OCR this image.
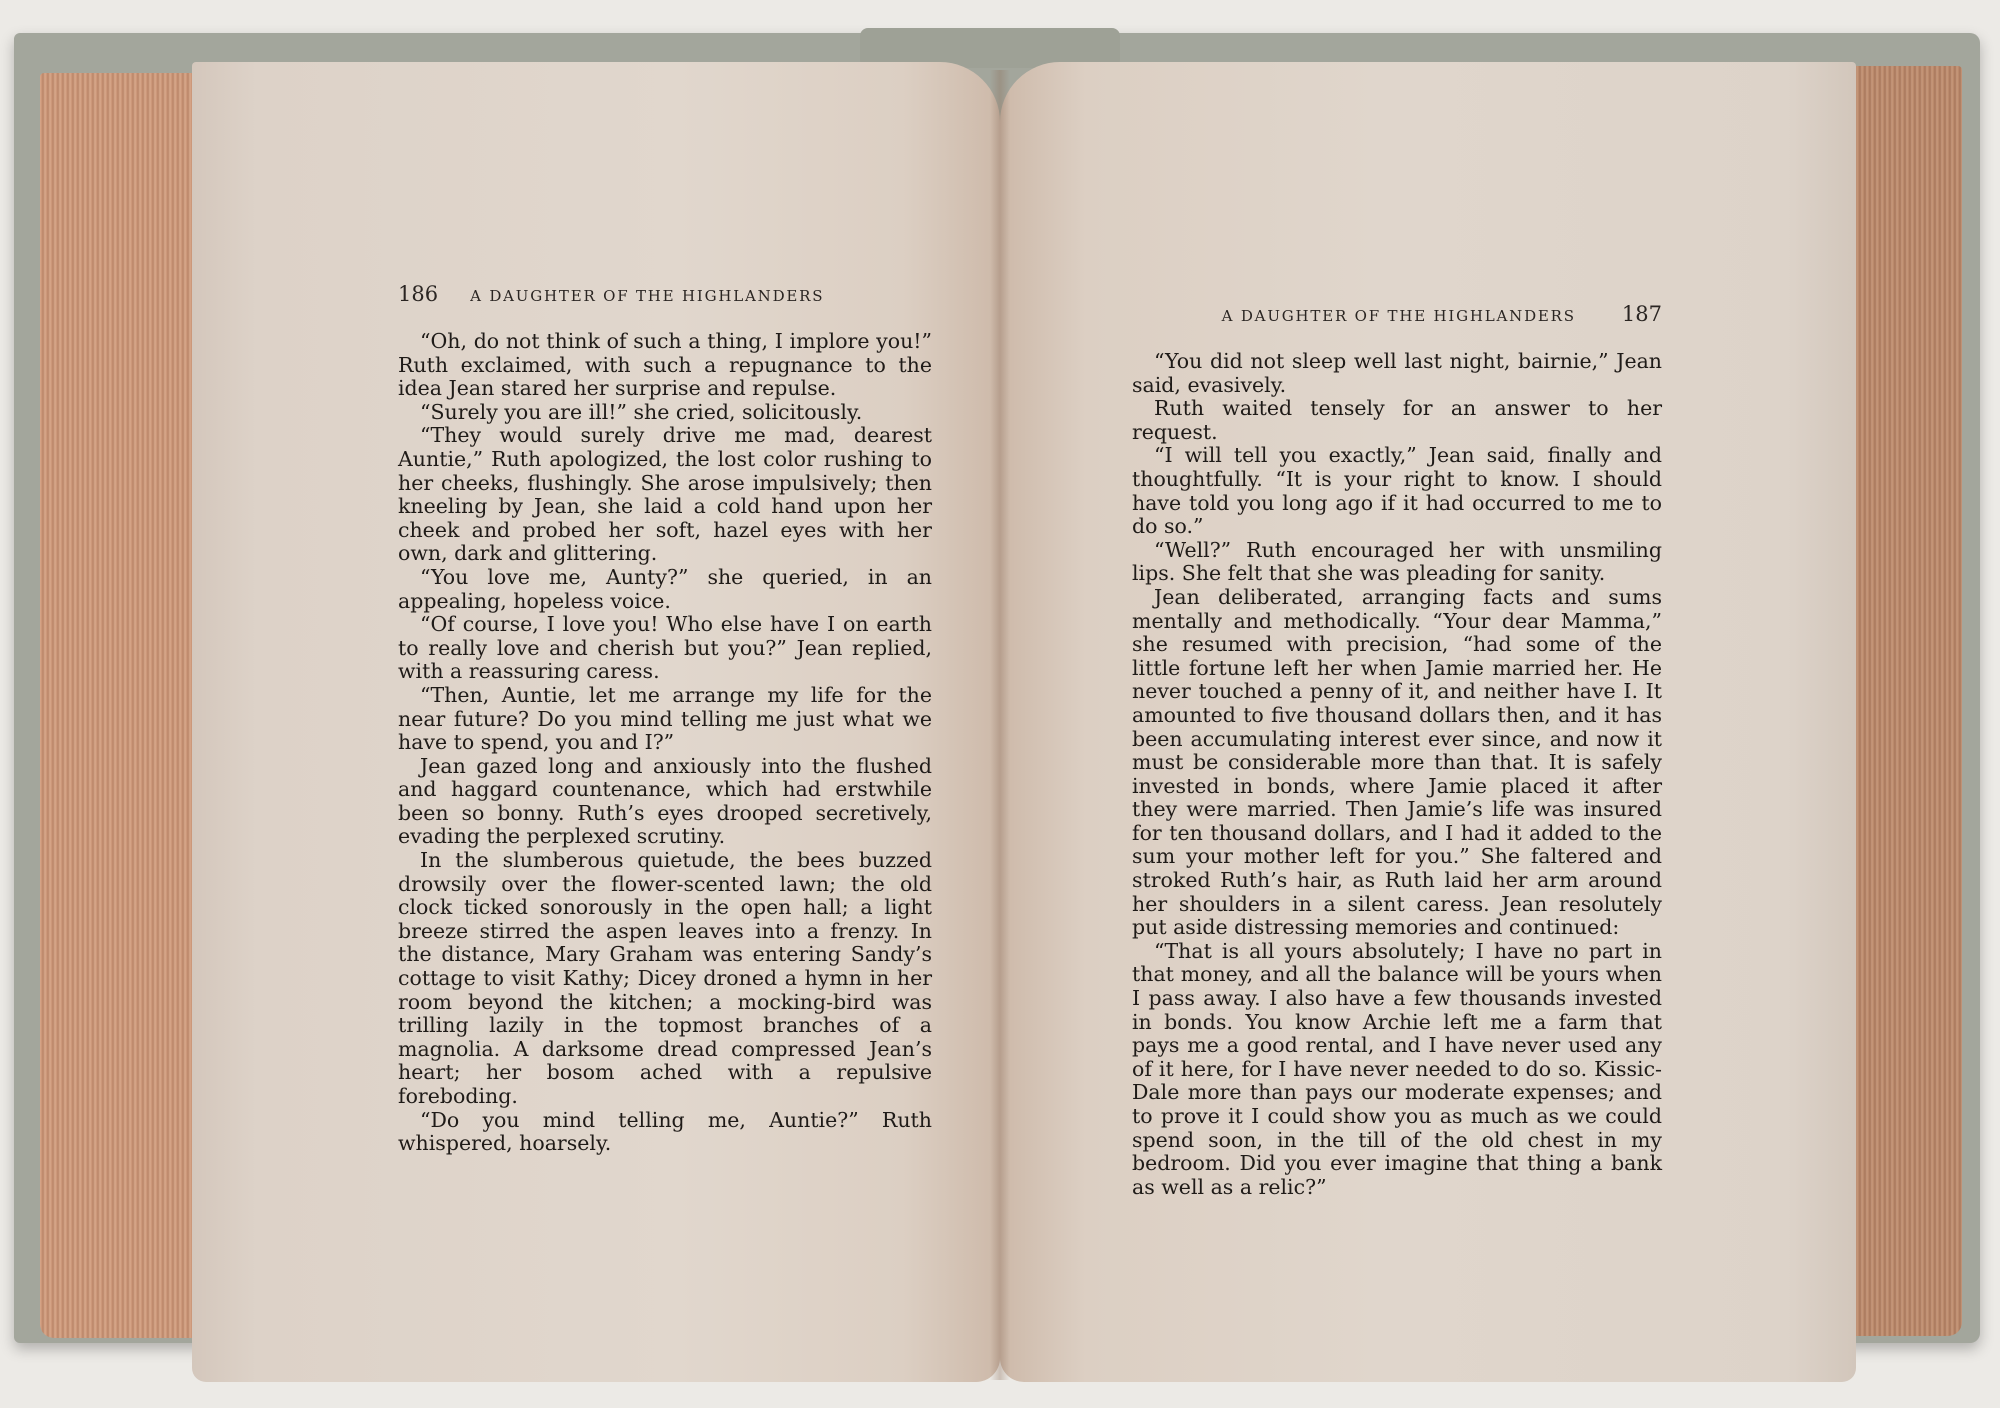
186 A DAUGHTER OF THE HIGHLANDERS

“Oh, do not think of such a thing, I implore you!” Ruth exclaimed, with such a repugnance to the idea Jean stared her surprise and repulse.

“Surely you are ill!” she cried, solicitously.

“They would surely drive me mad, dearest Auntie,” Ruth apologized, the lost color rushing to her cheeks, flushingly. She arose impulsively; then kneeling by Jean, she laid a cold hand upon her cheek and probed her soft, hazel eyes with her own, dark and glittering.

“You love me, Aunty?” she queried, in an appealing, hopeless voice.

“Of course, I love you! Who else have I on earth to really love and cherish but you?” Jean replied, with a reassuring caress.

“Then, Auntie, let me arrange my life for the near future? Do you mind telling me just what we have to spend, you and I?”

Jean gazed long and anxiously into the flushed and haggard countenance, which had erstwhile been so bonny. Ruth’s eyes drooped secretively, evading the perplexed scrutiny.

In the slumberous quietude, the bees buzzed drowsily over the flower-scented lawn; the old clock ticked sonorously in the open hall; a light breeze stirred the aspen leaves into a frenzy. In the distance, Mary Graham was entering Sandy’s cottage to visit Kathy; Dicey droned a hymn in her room beyond the kitchen; a mocking-bird was trilling lazily in the topmost branches of a magnolia. A darksome dread compressed Jean’s heart; her bosom ached with a repulsive foreboding.

“Do you mind telling me, Auntie?” Ruth whispered, hoarsely.

A DAUGHTER OF THE HIGHLANDERS 187

“You did not sleep well last night, bairnie,” Jean said, evasively.

Ruth waited tensely for an answer to her request.

“I will tell you exactly,” Jean said, finally and thoughtfully. “It is your right to know. I should have told you long ago if it had occurred to me to do so.”

“Well?” Ruth encouraged her with unsmiling lips. She felt that she was pleading for sanity.

Jean deliberated, arranging facts and sums mentally and methodically. “Your dear Mamma,” she resumed with precision, “had some of the little fortune left her when Jamie married her. He never touched a penny of it, and neither have I. It amounted to five thousand dollars then, and it has been accumulating interest ever since, and now it must be considerable more than that. It is safely invested in bonds, where Jamie placed it after they were married. Then Jamie’s life was insured for ten thousand dollars, and I had it added to the sum your mother left for you.” She faltered and stroked Ruth’s hair, as Ruth laid her arm around her shoulders in a silent caress. Jean resolutely put aside distressing memories and continued:

“That is all yours absolutely; I have no part in that money, and all the balance will be yours when I pass away. I also have a few thousands invested in bonds. You know Archie left me a farm that pays me a good rental, and I have never used any of it here, for I have never needed to do so. Kissic-Dale more than pays our moderate expenses; and to prove it I could show you as much as we could spend soon, in the till of the old chest in my bedroom. Did you ever imagine that thing a bank as well as a relic?”
